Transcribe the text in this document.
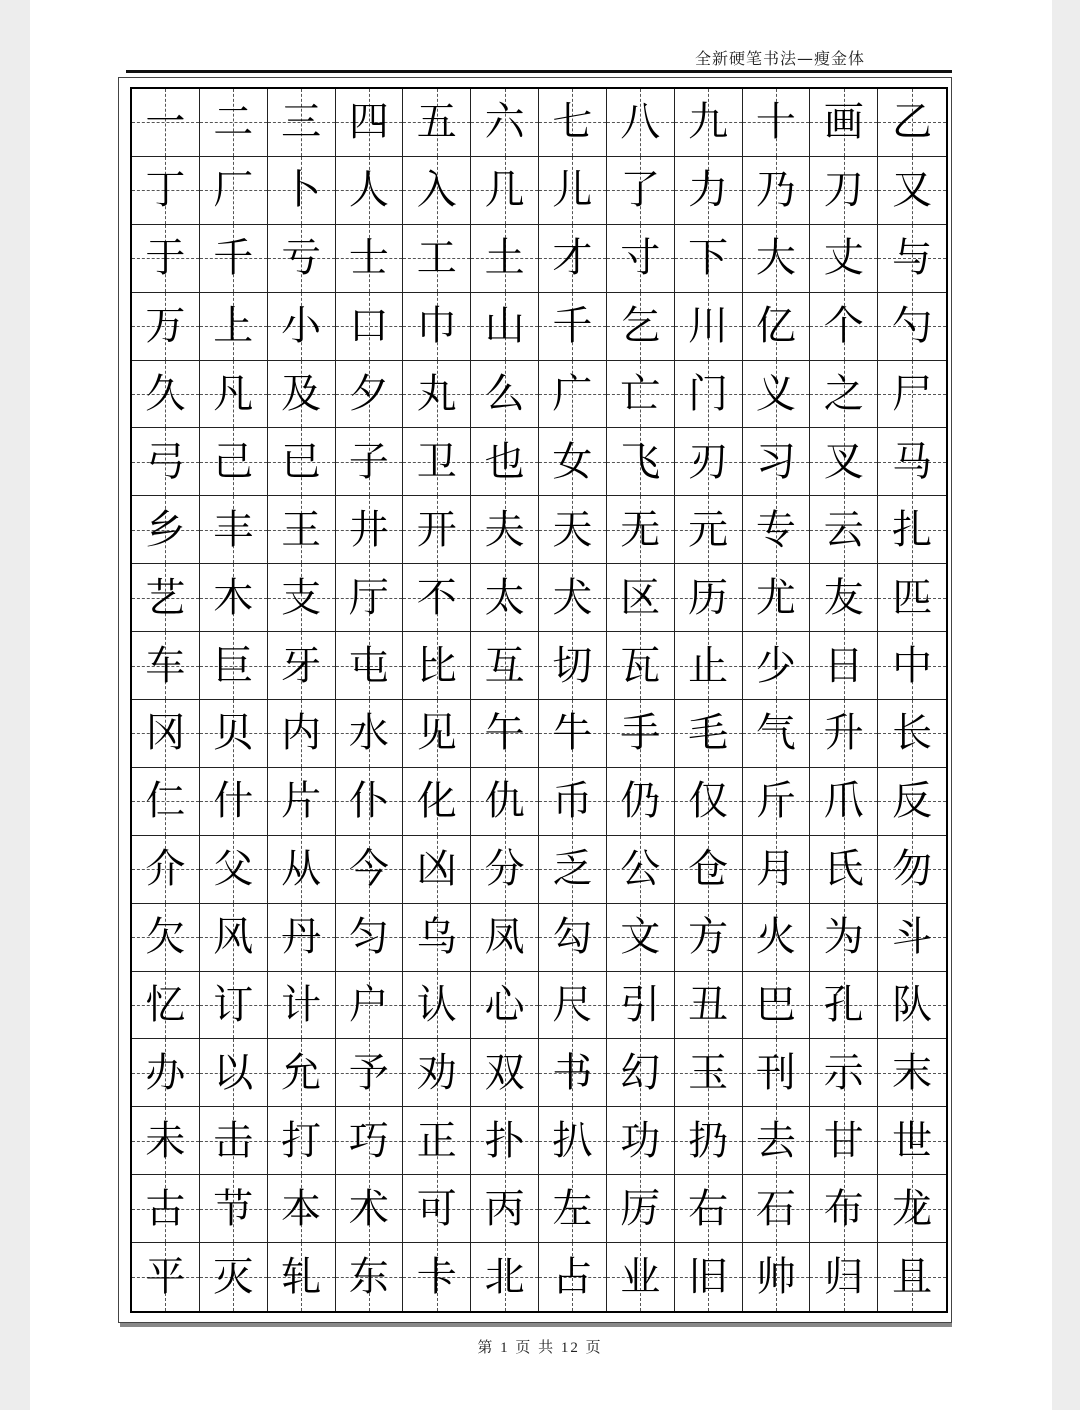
全新硬笔书法—瘦金体
一 二 三 四 五 六 七 八 九 十 画 乙
丁 厂 卜 人 入 几 儿 了 力 乃 刀 又
于 千 亏 士 工 土 才 寸 下 大 丈 与
万 上 小 口 巾 山 千 乞 川 亿 个 勺
久 凡 及 夕 丸 么 广 亡 门 义 之 尸
弓 己 已 子 卫 也 女 飞 刃 习 叉 马
乡 丰 王 井 开 夫 天 无 元 专 云 扎
艺 木 支 厅 不 太 犬 区 历 尤 友 匹
车 巨 牙 屯 比 互 切 瓦 止 少 日 中
冈 贝 内 水 见 午 牛 手 毛 气 升 长
仁 什 片 仆 化 仇 币 仍 仅 斤 爪 反
介 父 从 今 凶 分 乏 公 仓 月 氏 勿
欠 风 丹 匀 乌 凤 勾 文 方 火 为 斗
忆 订 计 户 认 心 尺 引 丑 巴 孔 队
办 以 允 予 劝 双 书 幻 玉 刊 示 末
未 击 打 巧 正 扑 扒 功 扔 去 甘 世
古 节 本 术 可 丙 左 厉 右 石 布 龙
平 灭 轧 东 卡 北 占 业 旧 帅 归 且
第 1 页 共 12 页
